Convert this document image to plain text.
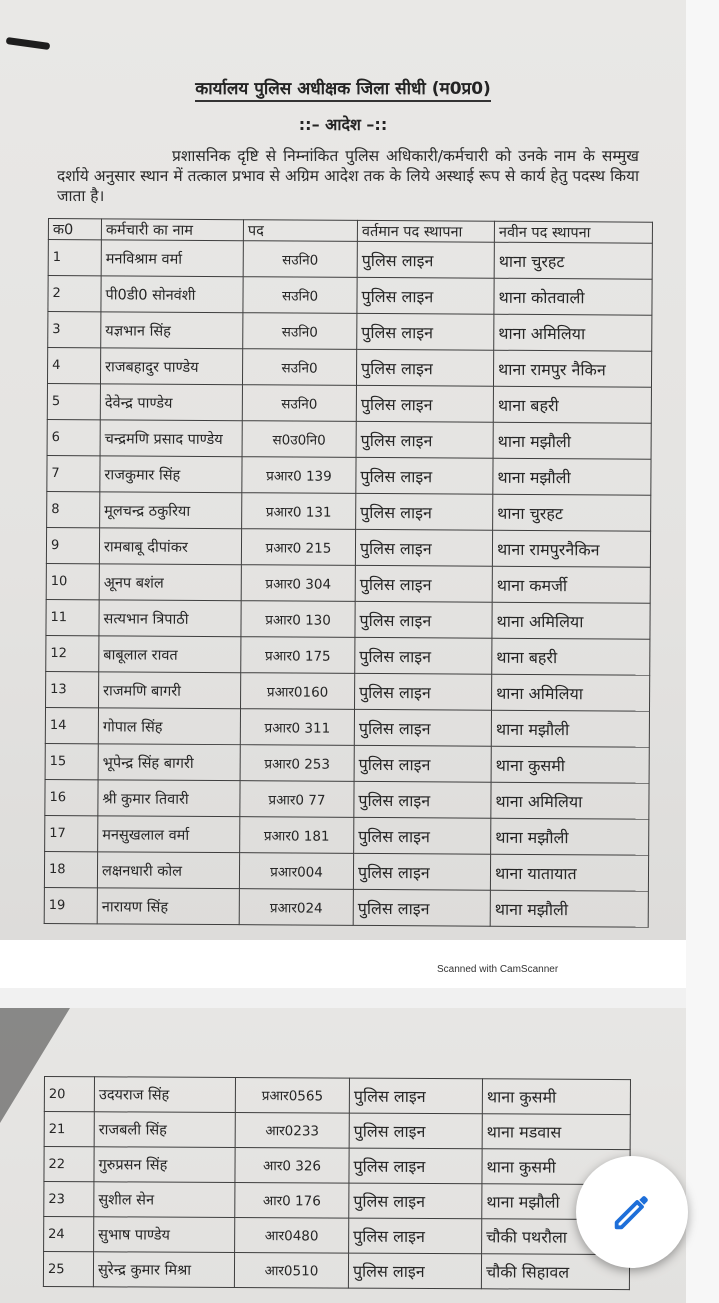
कार्यालय पुलिस अधीक्षक जिला सीधी (म0प्र0)
::– आदेश –::
प्रशासनिक दृष्टि से निम्नांकित पुलिस अधिकारी/कर्मचारी को उनके नाम के सम्मुख दर्शाये अनुसार स्थान में तत्काल प्रभाव से अग्रिम आदेश तक के लिये अस्थाई रूप से कार्य हेतु पदस्थ किया जाता है।
क0	कर्मचारी का नाम	पद	वर्तमान पद स्थापना	नवीन पद स्थापना
1	मनविश्राम वर्मा	सउनि0	पुलिस लाइन	थाना चुरहट
2	पी0डी0 सोनवंशी	सउनि0	पुलिस लाइन	थाना कोतवाली
3	यज्ञभान सिंह	सउनि0	पुलिस लाइन	थाना अमिलिया
4	राजबहादुर पाण्डेय	सउनि0	पुलिस लाइन	थाना रामपुर नैकिन
5	देवेन्द्र पाण्डेय	सउनि0	पुलिस लाइन	थाना बहरी
6	चन्द्रमणि प्रसाद पाण्डेय	स0उ0नि0	पुलिस लाइन	थाना मझौली
7	राजकुमार सिंह	प्रआर0 139	पुलिस लाइन	थाना मझौली
8	मूलचन्द्र ठकुरिया	प्रआर0 131	पुलिस लाइन	थाना चुरहट
9	रामबाबू दीपांकर	प्रआर0 215	पुलिस लाइन	थाना रामपुरनैकिन
10	अूनप बशंल	प्रआर0 304	पुलिस लाइन	थाना कमर्जी
11	सत्यभान त्रिपाठी	प्रआर0 130	पुलिस लाइन	थाना अमिलिया
12	बाबूलाल रावत	प्रआर0 175	पुलिस लाइन	थाना बहरी
13	राजमणि बागरी	प्रआर0160	पुलिस लाइन	थाना अमिलिया
14	गोपाल सिंह	प्रआर0 311	पुलिस लाइन	थाना मझौली
15	भूपेन्द्र सिंह बागरी	प्रआर0 253	पुलिस लाइन	थाना कुसमी
16	श्री कुमार तिवारी	प्रआर0 77	पुलिस लाइन	थाना अमिलिया
17	मनसुखलाल वर्मा	प्रआर0 181	पुलिस लाइन	थाना मझौली
18	लक्षनधारी कोल	प्रआर004	पुलिस लाइन	थाना यातायात
19	नारायण सिंह	प्रआर024	पुलिस लाइन	थाना मझौली
Scanned with CamScanner
20	उदयराज सिंह	प्रआर0565	पुलिस लाइन	थाना कुसमी
21	राजबली सिंह	आर0233	पुलिस लाइन	थाना मडवास
22	गुरुप्रसन सिंह	आर0 326	पुलिस लाइन	थाना कुसमी
23	सुशील सेन	आर0 176	पुलिस लाइन	थाना मझौली
24	सुभाष पाण्डेय	आर0480	पुलिस लाइन	चौकी पथरौला
25	सुरेन्द्र कुमार मिश्रा	आर0510	पुलिस लाइन	चौकी सिहावल
